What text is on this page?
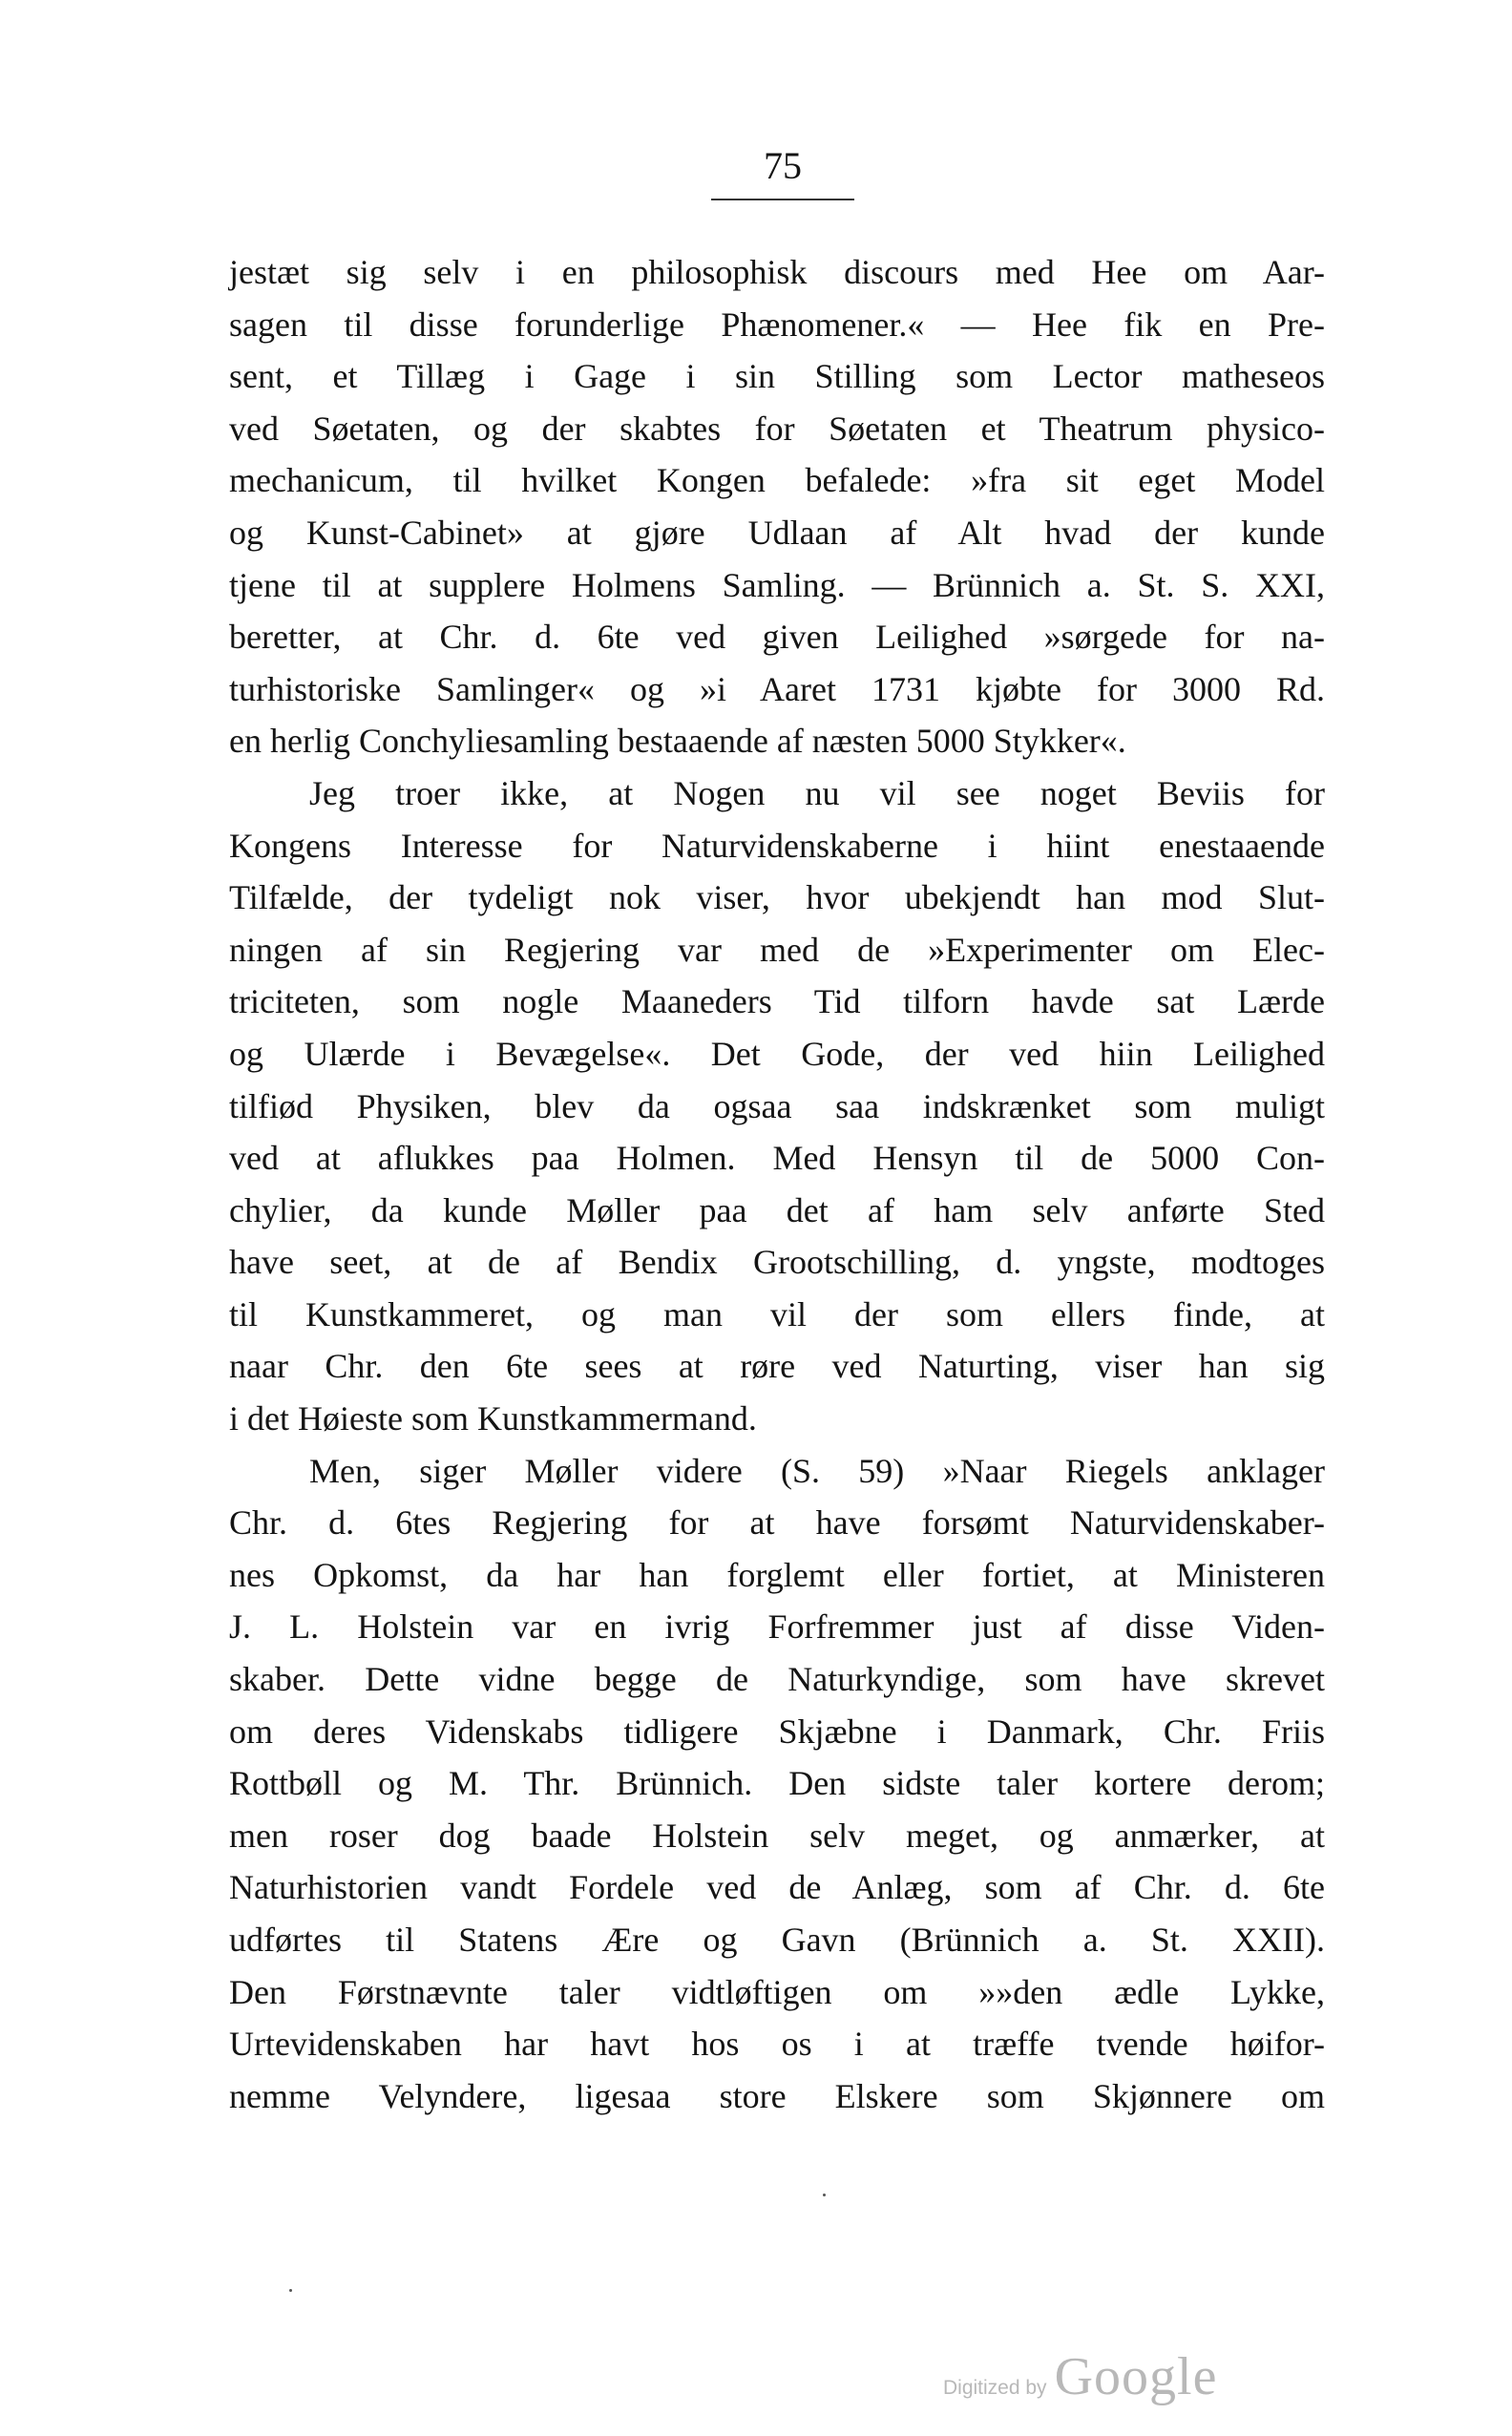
75
jestæt sig selv i en philosophisk discours med Hee om Aar-
sagen til disse forunderlige Phænomener.« — Hee fik en Pre-
sent, et Tillæg i Gage i sin Stilling som Lector matheseos
ved Søetaten, og der skabtes for Søetaten et Theatrum physico-
mechanicum, til hvilket Kongen befalede: »fra sit eget Model
og Kunst-Cabinet» at gjøre Udlaan af Alt hvad der kunde
tjene til at supplere Holmens Samling. — Brünnich a. St. S. XXI,
beretter, at Chr. d. 6te ved given Leilighed »sørgede for na-
turhistoriske Samlinger« og »i Aaret 1731 kjøbte for 3000 Rd.
en herlig Conchyliesamling bestaaende af næsten 5000 Stykker«.
Jeg troer ikke, at Nogen nu vil see noget Beviis for
Kongens Interesse for Naturvidenskaberne i hiint enestaaende
Tilfælde, der tydeligt nok viser, hvor ubekjendt han mod Slut-
ningen af sin Regjering var med de »Experimenter om Elec-
triciteten, som nogle Maaneders Tid tilforn havde sat Lærde
og Ulærde i Bevægelse«. Det Gode, der ved hiin Leilighed
tilfiød Physiken, blev da ogsaa saa indskrænket som muligt
ved at aflukkes paa Holmen. Med Hensyn til de 5000 Con-
chylier, da kunde Møller paa det af ham selv anførte Sted
have seet, at de af Bendix Grootschilling, d. yngste, modtoges
til Kunstkammeret, og man vil der som ellers finde, at
naar Chr. den 6te sees at røre ved Naturting, viser han sig
i det Høieste som Kunstkammermand.
Men, siger Møller videre (S. 59) »Naar Riegels anklager
Chr. d. 6tes Regjering for at have forsømt Naturvidenskaber-
nes Opkomst, da har han forglemt eller fortiet, at Ministeren
J. L. Holstein var en ivrig Forfremmer just af disse Viden-
skaber. Dette vidne begge de Naturkyndige, som have skrevet
om deres Videnskabs tidligere Skjæbne i Danmark, Chr. Friis
Rottbøll og M. Thr. Brünnich. Den sidste taler kortere derom;
men roser dog baade Holstein selv meget, og anmærker, at
Naturhistorien vandt Fordele ved de Anlæg, som af Chr. d. 6te
udførtes til Statens Ære og Gavn (Brünnich a. St. XXII).
Den Førstnævnte taler vidtløftigen om »»den ædle Lykke,
Urtevidenskaben har havt hos os i at træffe tvende høifor-
nemme Velyndere, ligesaa store Elskere som Skjønnere om
Digitized by Google
